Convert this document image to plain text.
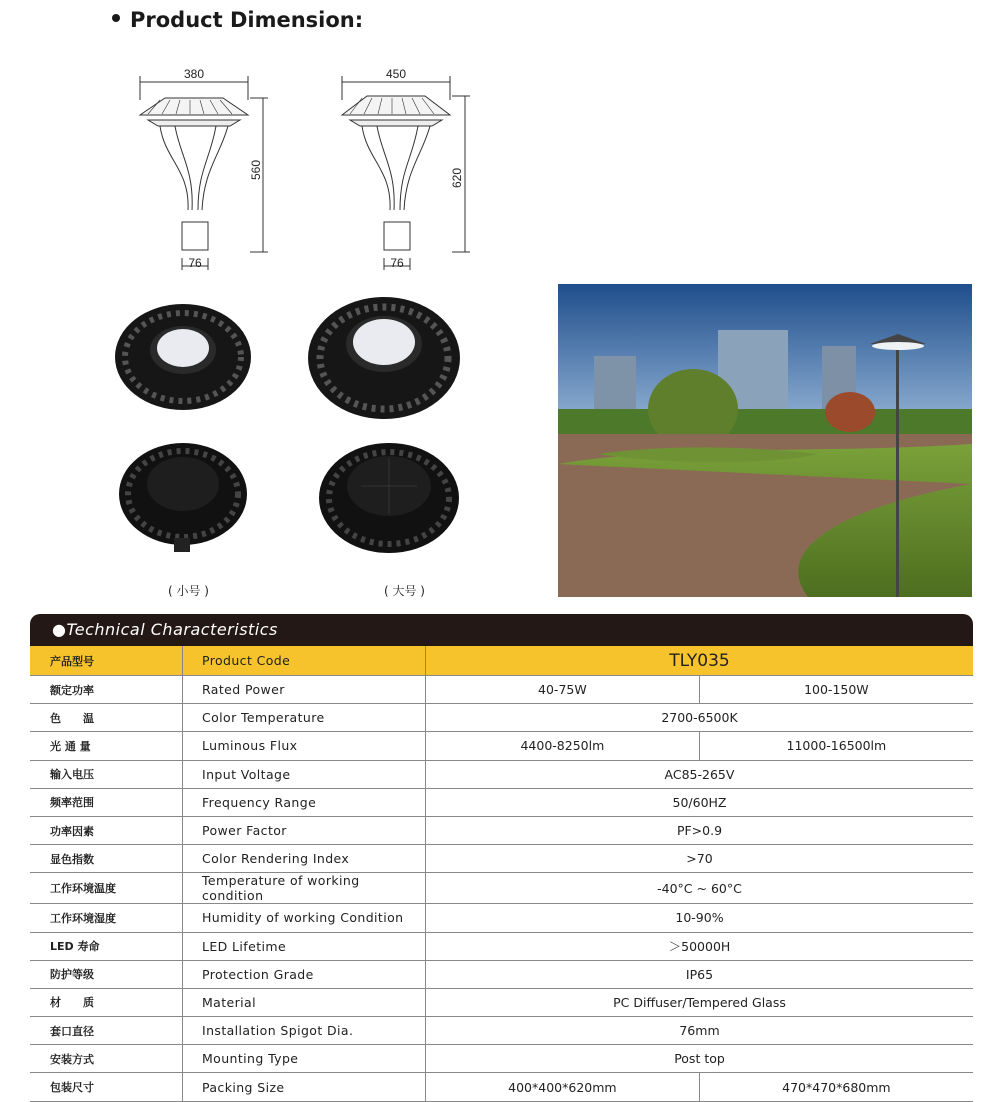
Product Dimension:
380
76
560
450
76
620
( 小号 )	( 大号 )
●Technical Characteristics
产品型号	Product Code	TLY035	
额定功率	Rated Power	40-75W	100-150W
色　　温	Color Temperature	2700-6500K	
光 通 量	Luminous Flux	4400-8250lm	11000-16500lm
输入电压	Input Voltage	AC85-265V	
频率范围	Frequency Range	50/60HZ	
功率因素	Power Factor	PF>0.9	
显色指数	Color Rendering Index	>70	
工作环境温度	Temperature of working condition	-40°C ~ 60°C	
工作环境湿度	Humidity of working Condition	10-90%	
LED 寿命	LED Lifetime	＞50000H	
防护等级	Protection Grade	IP65	
材　　质	Material	PC Diffuser/Tempered Glass	
套口直径	Installation Spigot Dia.	76mm	
安装方式	Mounting Type	Post top	
包装尺寸	Packing Size	400*400*620mm	470*470*680mm
